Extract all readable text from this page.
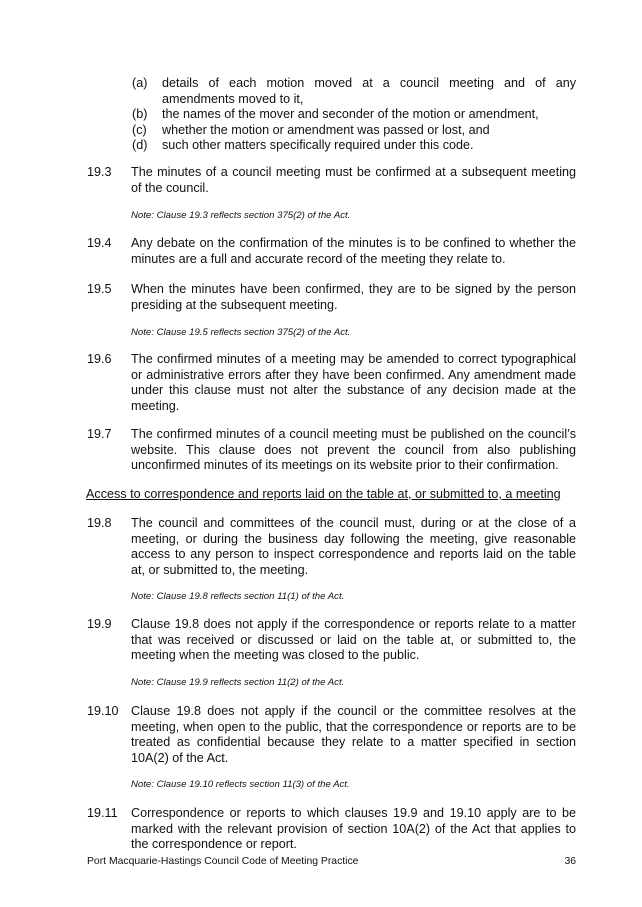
(a)	details of each motion moved at a council meeting and of any amendments moved to it,
(b)	the names of the mover and seconder of the motion or amendment,
(c)	whether the motion or amendment was passed or lost, and
(d)	such other matters specifically required under this code.
19.3	The minutes of a council meeting must be confirmed at a subsequent meeting of the council.
Note: Clause 19.3 reflects section 375(2) of the Act.
19.4	Any debate on the confirmation of the minutes is to be confined to whether the minutes are a full and accurate record of the meeting they relate to.
19.5	When the minutes have been confirmed, they are to be signed by the person presiding at the subsequent meeting.
Note: Clause 19.5 reflects section 375(2) of the Act.
19.6	The confirmed minutes of a meeting may be amended to correct typographical or administrative errors after they have been confirmed. Any amendment made under this clause must not alter the substance of any decision made at the meeting.
19.7	The confirmed minutes of a council meeting must be published on the council’s website. This clause does not prevent the council from also publishing unconfirmed minutes of its meetings on its website prior to their confirmation.
Access to correspondence and reports laid on the table at, or submitted to, a meeting
19.8	The council and committees of the council must, during or at the close of a meeting, or during the business day following the meeting, give reasonable access to any person to inspect correspondence and reports laid on the table at, or submitted to, the meeting.
Note: Clause 19.8 reflects section 11(1) of the Act.
19.9	Clause 19.8 does not apply if the correspondence or reports relate to a matter that was received or discussed or laid on the table at, or submitted to, the meeting when the meeting was closed to the public.
Note: Clause 19.9 reflects section 11(2) of the Act.
19.10 Clause 19.8 does not apply if the council or the committee resolves at the meeting, when open to the public, that the correspondence or reports are to be treated as confidential because they relate to a matter specified in section 10A(2) of the Act.
Note: Clause 19.10 reflects section 11(3) of the Act.
19.11	Correspondence or reports to which clauses 19.9 and 19.10 apply are to be marked with the relevant provision of section 10A(2) of the Act that applies to the correspondence or report.
Port Macquarie-Hastings Council Code of Meeting Practice	36
